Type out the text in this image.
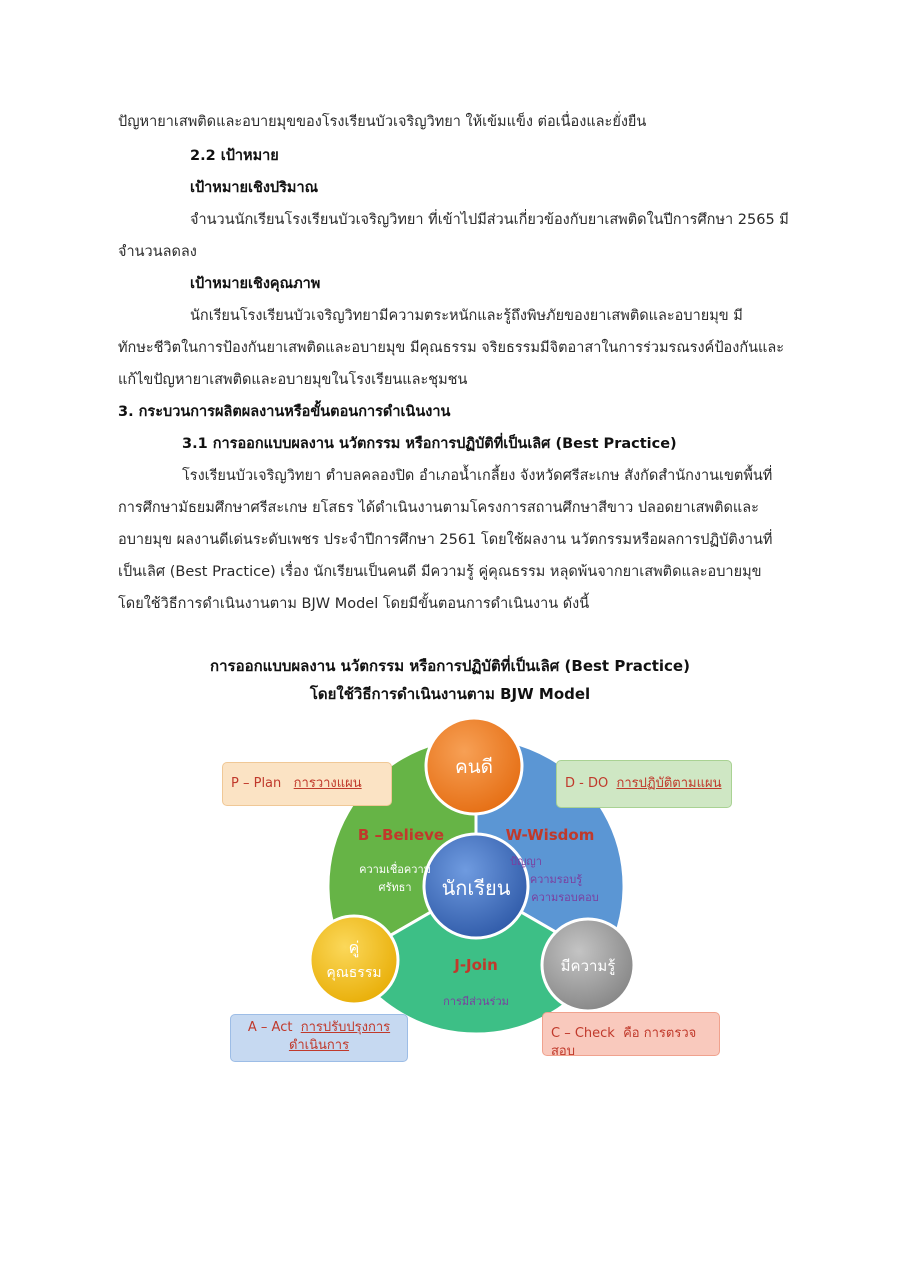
ปัญหายาเสพติดและอบายมุขของโรงเรียนบัวเจริญวิทยา ให้เข้มแข็ง ต่อเนื่องและยั่งยืน
2.2 เป้าหมาย
เป้าหมายเชิงปริมาณ
จำนวนนักเรียนโรงเรียนบัวเจริญวิทยา ที่เข้าไปมีส่วนเกี่ยวข้องกับยาเสพติดในปีการศึกษา 2565 มี
จำนวนลดลง
เป้าหมายเชิงคุณภาพ
นักเรียนโรงเรียนบัวเจริญวิทยามีความตระหนักและรู้ถึงพิษภัยของยาเสพติดและอบายมุข มี
ทักษะชีวิตในการป้องกันยาเสพติดและอบายมุข มีคุณธรรม จริยธรรมมีจิตอาสาในการร่วมรณรงค์ป้องกันและ
แก้ไขปัญหายาเสพติดและอบายมุขในโรงเรียนและชุมชน
3. กระบวนการผลิตผลงานหรือขั้นตอนการดำเนินงาน
3.1 การออกแบบผลงาน นวัตกรรม หรือการปฏิบัติที่เป็นเลิศ (Best Practice)
โรงเรียนบัวเจริญวิทยา ตำบลคลองปิด อำเภอน้ำเกลี้ยง จังหวัดศรีสะเกษ สังกัดสำนักงานเขตพื้นที่
การศึกษามัธยมศึกษาศรีสะเกษ ยโสธร ได้ดำเนินงานตามโครงการสถานศึกษาสีขาว ปลอดยาเสพติดและ
อบายมุข ผลงานดีเด่นระดับเพชร ประจำปีการศึกษา 2561 โดยใช้ผลงาน นวัตกรรมหรือผลการปฏิบัติงานที่
เป็นเลิศ (Best Practice) เรื่อง นักเรียนเป็นคนดี มีความรู้ คู่คุณธรรม หลุดพ้นจากยาเสพติดและอบายมุข
โดยใช้วิธีการดำเนินงานตาม BJW Model โดยมีขั้นตอนการดำเนินงาน ดังนี้
การออกแบบผลงาน นวัตกรรม หรือการปฏิบัติที่เป็นเลิศ (Best Practice)
โดยใช้วิธีการดำเนินงานตาม BJW Model
คนดี
นักเรียน
คู่
คุณธรรม	มีความรู้
B –Believe
ความเชื่อความ
ศรัทธา
W-Wisdom
ปัญญา
ความรอบรู้
ความรอบคอบ
J-Join
การมีส่วนร่วม
P – Plan การวางแผน	D - DO การปฏิบัติตามแผน
A – Act การปรับปรุงการ
ดำเนินการ
C – Check คือ การตรวจสอบ
